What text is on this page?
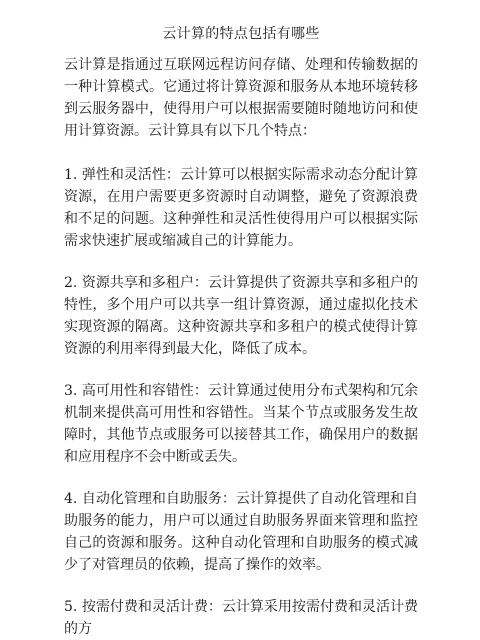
云计算的特点包括有哪些

云计算是指通过互联网远程访问存储、处理和传输数据的一种计算模式。它通过将计算资源和服务从本地环境转移到云服务器中，使得用户可以根据需要随时随地访问和使用计算资源。云计算具有以下几个特点：

1. 弹性和灵活性：云计算可以根据实际需求动态分配计算资源，在用户需要更多资源时自动调整，避免了资源浪费和不足的问题。这种弹性和灵活性使得用户可以根据实际需求快速扩展或缩减自己的计算能力。

2. 资源共享和多租户：云计算提供了资源共享和多租户的特性，多个用户可以共享一组计算资源，通过虚拟化技术实现资源的隔离。这种资源共享和多租户的模式使得计算资源的利用率得到最大化，降低了成本。

3. 高可用性和容错性：云计算通过使用分布式架构和冗余机制来提供高可用性和容错性。当某个节点或服务发生故障时，其他节点或服务可以接替其工作，确保用户的数据和应用程序不会中断或丢失。

4. 自动化管理和自助服务：云计算提供了自动化管理和自助服务的能力，用户可以通过自助服务界面来管理和监控自己的资源和服务。这种自动化管理和自助服务的模式减少了对管理员的依赖，提高了操作的效率。

5. 按需付费和灵活计费：云计算采用按需付费和灵活计费的方
